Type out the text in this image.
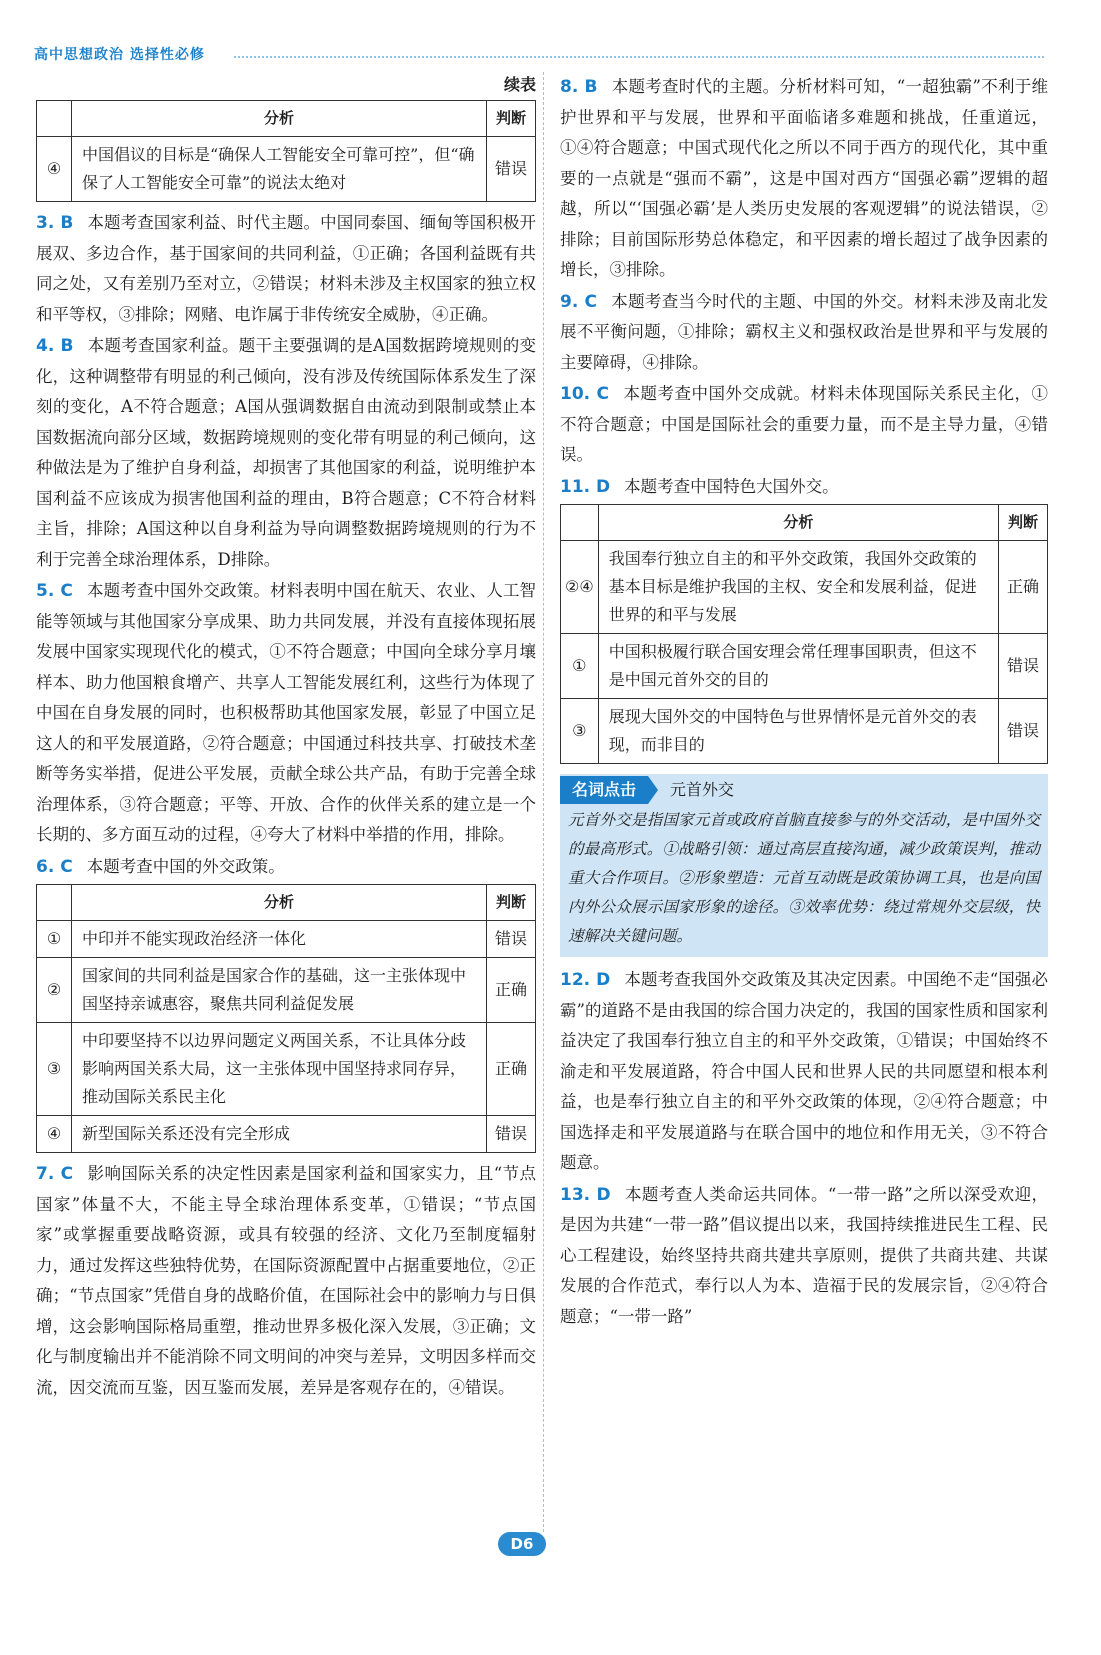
高中思想政治 选择性必修
续表
	分析	判断
④	中国倡议的目标是“确保人工智能安全可靠可控”，但“确保了人工智能安全可靠”的说法太绝对	错误

3. B 本题考查国家利益、时代主题。中国同泰国、缅甸等国积极开展双、多边合作，基于国家间的共同利益，①正确；各国利益既有共同之处，又有差别乃至对立，②错误；材料未涉及主权国家的独立权和平等权，③排除；网赌、电诈属于非传统安全威胁，④正确。

4. B 本题考查国家利益。题干主要强调的是A国数据跨境规则的变化，这种调整带有明显的利己倾向，没有涉及传统国际体系发生了深刻的变化，A不符合题意；A国从强调数据自由流动到限制或禁止本国数据流向部分区域，数据跨境规则的变化带有明显的利己倾向，这种做法是为了维护自身利益，却损害了其他国家的利益，说明维护本国利益不应该成为损害他国利益的理由，B符合题意；C不符合材料主旨，排除；A国这种以自身利益为导向调整数据跨境规则的行为不利于完善全球治理体系，D排除。

5. C 本题考查中国外交政策。材料表明中国在航天、农业、人工智能等领域与其他国家分享成果、助力共同发展，并没有直接体现拓展发展中国家实现现代化的模式，①不符合题意；中国向全球分享月壤样本、助力他国粮食增产、共享人工智能发展红利，这些行为体现了中国在自身发展的同时，也积极帮助其他国家发展，彰显了中国立足这人的和平发展道路，②符合题意；中国通过科技共享、打破技术垄断等务实举措，促进公平发展，贡献全球公共产品，有助于完善全球治理体系，③符合题意；平等、开放、合作的伙伴关系的建立是一个长期的、多方面互动的过程，④夸大了材料中举措的作用，排除。

6. C 本题考查中国的外交政策。

	分析	判断
①	中印并不能实现政治经济一体化	错误
②	国家间的共同利益是国家合作的基础，这一主张体现中国坚持亲诚惠容，聚焦共同利益促发展	正确
③	中印要坚持不以边界问题定义两国关系，不让具体分歧影响两国关系大局，这一主张体现中国坚持求同存异，推动国际关系民主化	正确
④	新型国际关系还没有完全形成	错误

7. C 影响国际关系的决定性因素是国家利益和国家实力，且“节点国家”体量不大，不能主导全球治理体系变革，①错误；“节点国家”或掌握重要战略资源，或具有较强的经济、文化乃至制度辐射力，通过发挥这些独特优势，在国际资源配置中占据重要地位，②正确；“节点国家”凭借自身的战略价值，在国际社会中的影响力与日俱增，这会影响国际格局重塑，推动世界多极化深入发展，③正确；文化与制度输出并不能消除不同文明间的冲突与差异，文明因多样而交流，因交流而互鉴，因互鉴而发展，差异是客观存在的，④错误。

8. B 本题考查时代的主题。分析材料可知，“一超独霸”不利于维护世界和平与发展，世界和平面临诸多难题和挑战，任重道远，①④符合题意；中国式现代化之所以不同于西方的现代化，其中重要的一点就是“强而不霸”，这是中国对西方“国强必霸”逻辑的超越，所以“‘国强必霸’是人类历史发展的客观逻辑”的说法错误，②排除；目前国际形势总体稳定，和平因素的增长超过了战争因素的增长，③排除。

9. C 本题考查当今时代的主题、中国的外交。材料未涉及南北发展不平衡问题，①排除；霸权主义和强权政治是世界和平与发展的主要障碍，④排除。

10. C 本题考查中国外交成就。材料未体现国际关系民主化，①不符合题意；中国是国际社会的重要力量，而不是主导力量，④错误。

11. D 本题考查中国特色大国外交。

	分析	判断
②④	我国奉行独立自主的和平外交政策，我国外交政策的基本目标是维护我国的主权、安全和发展利益，促进世界的和平与发展	正确
①	中国积极履行联合国安理会常任理事国职责，但这不是中国元首外交的目的	错误
③	展现大国外交的中国特色与世界情怀是元首外交的表现，而非目的	错误
名词点击	元首外交
元首外交是指国家元首或政府首脑直接参与的外交活动，是中国外交的最高形式。①战略引领：通过高层直接沟通，减少政策误判，推动重大合作项目。②形象塑造：元首互动既是政策协调工具，也是向国内外公众展示国家形象的途径。③效率优势：绕过常规外交层级，快速解决关键问题。

12. D 本题考查我国外交政策及其决定因素。中国绝不走“国强必霸”的道路不是由我国的综合国力决定的，我国的国家性质和国家利益决定了我国奉行独立自主的和平外交政策，①错误；中国始终不渝走和平发展道路，符合中国人民和世界人民的共同愿望和根本利益，也是奉行独立自主的和平外交政策的体现，②④符合题意；中国选择走和平发展道路与在联合国中的地位和作用无关，③不符合题意。

13. D 本题考查人类命运共同体。“一带一路”之所以深受欢迎，是因为共建“一带一路”倡议提出以来，我国持续推进民生工程、民心工程建设，始终坚持共商共建共享原则，提供了共商共建、共谋发展的合作范式，奉行以人为本、造福于民的发展宗旨，②④符合题意；“一带一路”

D6
